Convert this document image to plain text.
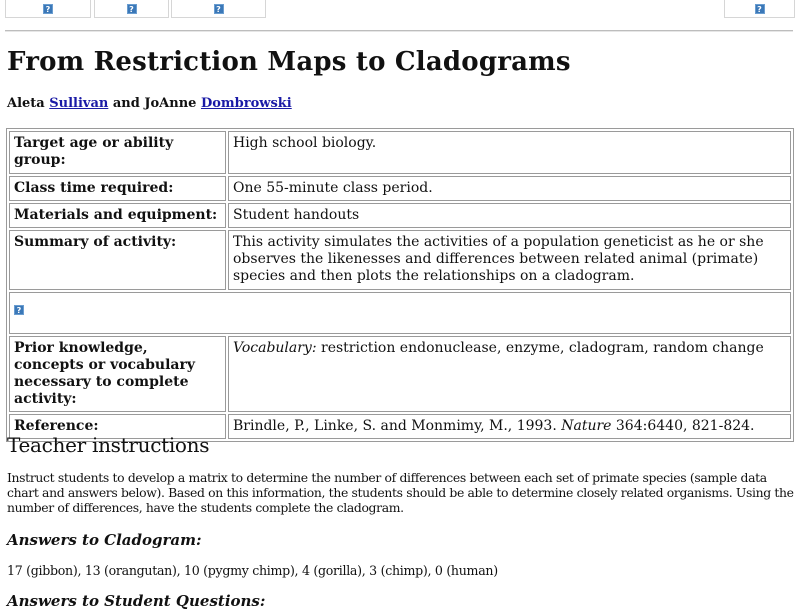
?	?	?	?
From Restriction Maps to Cladograms
Aleta Sullivan and JoAnne Dombrowski
Target age or ability group:	High school biology.
Class time required:	One 55-minute class period.
Materials and equipment:	Student handouts
Summary of activity:	This activity simulates the activities of a population geneticist as he or she observes the likenesses and differences between related animal (primate) species and then plots the relationships on a cladogram.

?	

Prior knowledge, concepts or vocabulary necessary to complete activity:	Vocabulary: restriction endonuclease, enzyme, cladogram, random change
Reference:	Brindle, P., Linke, S. and Monmimy, M., 1993. Nature 364:6440, 821-824.
Teacher instructions

Instruct students to develop a matrix to determine the number of differences between each set of primate species (sample data chart and answers below). Based on this information, the students should be able to determine closely related organisms. Using the number of differences, have the students complete the cladogram.

Answers to Cladogram:

17 (gibbon), 13 (orangutan), 10 (pygmy chimp), 4 (gorilla), 3 (chimp), 0 (human)

Answers to Student Questions:
